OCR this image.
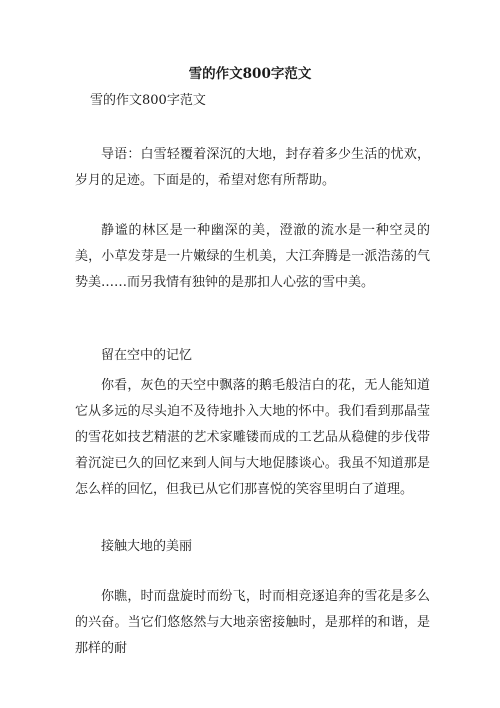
雪的作文800字范文

雪的作文800字范文

导语：白雪轻覆着深沉的大地，封存着多少生活的忧欢，岁月的足迹。下面是的，希望对您有所帮助。

静谧的林区是一种幽深的美，澄澈的流水是一种空灵的美，小草发芽是一片嫩绿的生机美，大江奔腾是一派浩荡的气势美……而另我情有独钟的是那扣人心弦的雪中美。

留在空中的记忆

你看，灰色的天空中飘落的鹅毛般洁白的花，无人能知道它从多远的尽头迫不及待地扑入大地的怀中。我们看到那晶莹的雪花如技艺精湛的艺术家雕镂而成的工艺品从稳健的步伐带着沉淀已久的回忆来到人间与大地促膝谈心。我虽不知道那是怎么样的回忆，但我已从它们那喜悦的笑容里明白了道理。

接触大地的美丽

你瞧，时而盘旋时而纷飞，时而相竞逐追奔的雪花是多么的兴奋。当它们悠悠然与大地亲密接触时，是那样的和谐，是那样的耐
